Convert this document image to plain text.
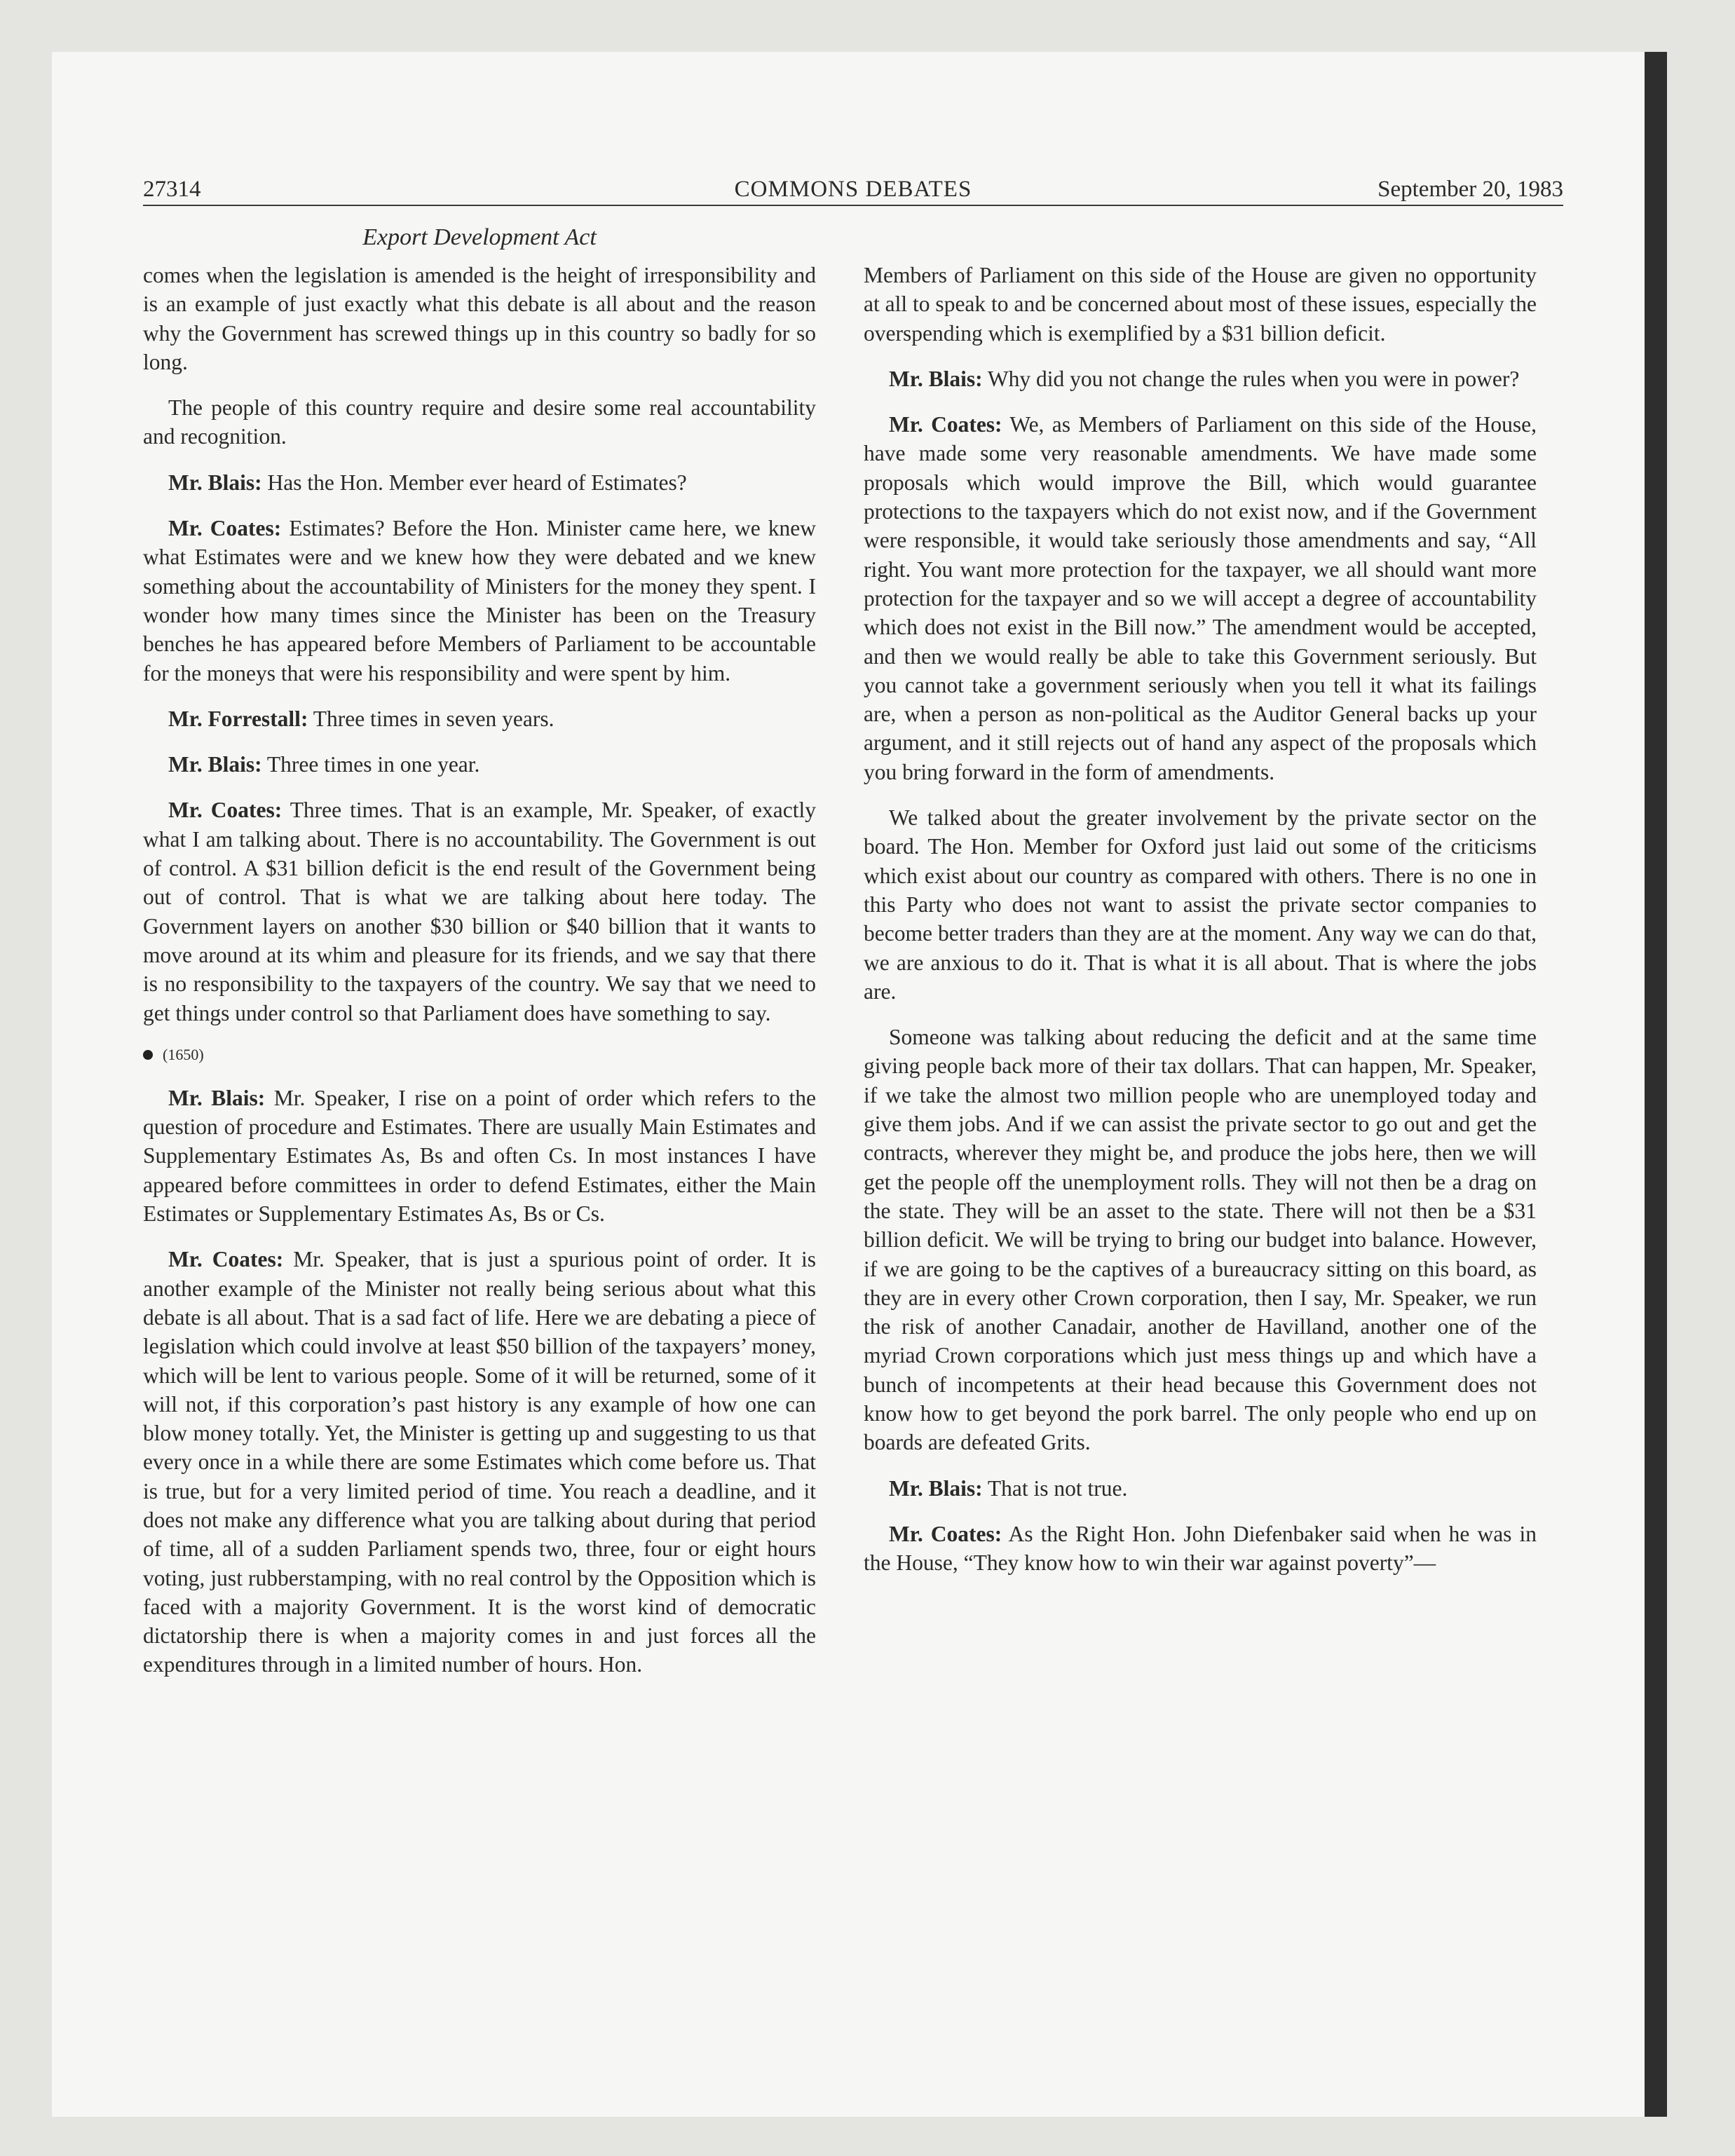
27314	COMMONS DEBATES	September 20, 1983
Export Development Act

comes when the legislation is amended is the height of irresponsibility and is an example of just exactly what this debate is all about and the reason why the Government has screwed things up in this country so badly for so long.

The people of this country require and desire some real accountability and recognition.

Mr. Blais: Has the Hon. Member ever heard of Estimates?

Mr. Coates: Estimates? Before the Hon. Minister came here, we knew what Estimates were and we knew how they were debated and we knew something about the accountability of Ministers for the money they spent. I wonder how many times since the Minister has been on the Treasury benches he has appeared before Members of Parliament to be accountable for the moneys that were his responsibility and were spent by him.

Mr. Forrestall: Three times in seven years.

Mr. Blais: Three times in one year.

Mr. Coates: Three times. That is an example, Mr. Speaker, of exactly what I am talking about. There is no accountability. The Government is out of control. A $31 billion deficit is the end result of the Government being out of control. That is what we are talking about here today. The Government layers on another $30 billion or $40 billion that it wants to move around at its whim and pleasure for its friends, and we say that there is no responsibility to the taxpayers of the country. We say that we need to get things under control so that Parliament does have something to say.

(1650)

Mr. Blais: Mr. Speaker, I rise on a point of order which refers to the question of procedure and Estimates. There are usually Main Estimates and Supplementary Estimates As, Bs and often Cs. In most instances I have appeared before committees in order to defend Estimates, either the Main Estimates or Supplementary Estimates As, Bs or Cs.

Mr. Coates: Mr. Speaker, that is just a spurious point of order. It is another example of the Minister not really being serious about what this debate is all about. That is a sad fact of life. Here we are debating a piece of legislation which could involve at least $50 billion of the taxpayers’ money, which will be lent to various people. Some of it will be returned, some of it will not, if this corporation’s past history is any example of how one can blow money totally. Yet, the Minister is getting up and suggesting to us that every once in a while there are some Estimates which come before us. That is true, but for a very limited period of time. You reach a deadline, and it does not make any difference what you are talking about during that period of time, all of a sudden Parliament spends two, three, four or eight hours voting, just rubberstamping, with no real control by the Opposition which is faced with a majority Government. It is the worst kind of democratic dictatorship there is when a majority comes in and just forces all the expenditures through in a limited number of hours. Hon.

Members of Parliament on this side of the House are given no opportunity at all to speak to and be concerned about most of these issues, especially the overspending which is exemplified by a $31 billion deficit.

Mr. Blais: Why did you not change the rules when you were in power?

Mr. Coates: We, as Members of Parliament on this side of the House, have made some very reasonable amendments. We have made some proposals which would improve the Bill, which would guarantee protections to the taxpayers which do not exist now, and if the Government were responsible, it would take seriously those amendments and say, “All right. You want more protection for the taxpayer, we all should want more protection for the taxpayer and so we will accept a degree of accountability which does not exist in the Bill now.” The amendment would be accepted, and then we would really be able to take this Government seriously. But you cannot take a government seriously when you tell it what its failings are, when a person as non-political as the Auditor General backs up your argument, and it still rejects out of hand any aspect of the proposals which you bring forward in the form of amendments.

We talked about the greater involvement by the private sector on the board. The Hon. Member for Oxford just laid out some of the criticisms which exist about our country as compared with others. There is no one in this Party who does not want to assist the private sector companies to become better traders than they are at the moment. Any way we can do that, we are anxious to do it. That is what it is all about. That is where the jobs are.

Someone was talking about reducing the deficit and at the same time giving people back more of their tax dollars. That can happen, Mr. Speaker, if we take the almost two million people who are unemployed today and give them jobs. And if we can assist the private sector to go out and get the contracts, wherever they might be, and produce the jobs here, then we will get the people off the unemployment rolls. They will not then be a drag on the state. They will be an asset to the state. There will not then be a $31 billion deficit. We will be trying to bring our budget into balance. However, if we are going to be the captives of a bureaucracy sitting on this board, as they are in every other Crown corporation, then I say, Mr. Speaker, we run the risk of another Canadair, another de Havilland, another one of the myriad Crown corporations which just mess things up and which have a bunch of incompetents at their head because this Government does not know how to get beyond the pork barrel. The only people who end up on boards are defeated Grits.

Mr. Blais: That is not true.

Mr. Coates: As the Right Hon. John Diefenbaker said when he was in the House, “They know how to win their war against poverty”—
